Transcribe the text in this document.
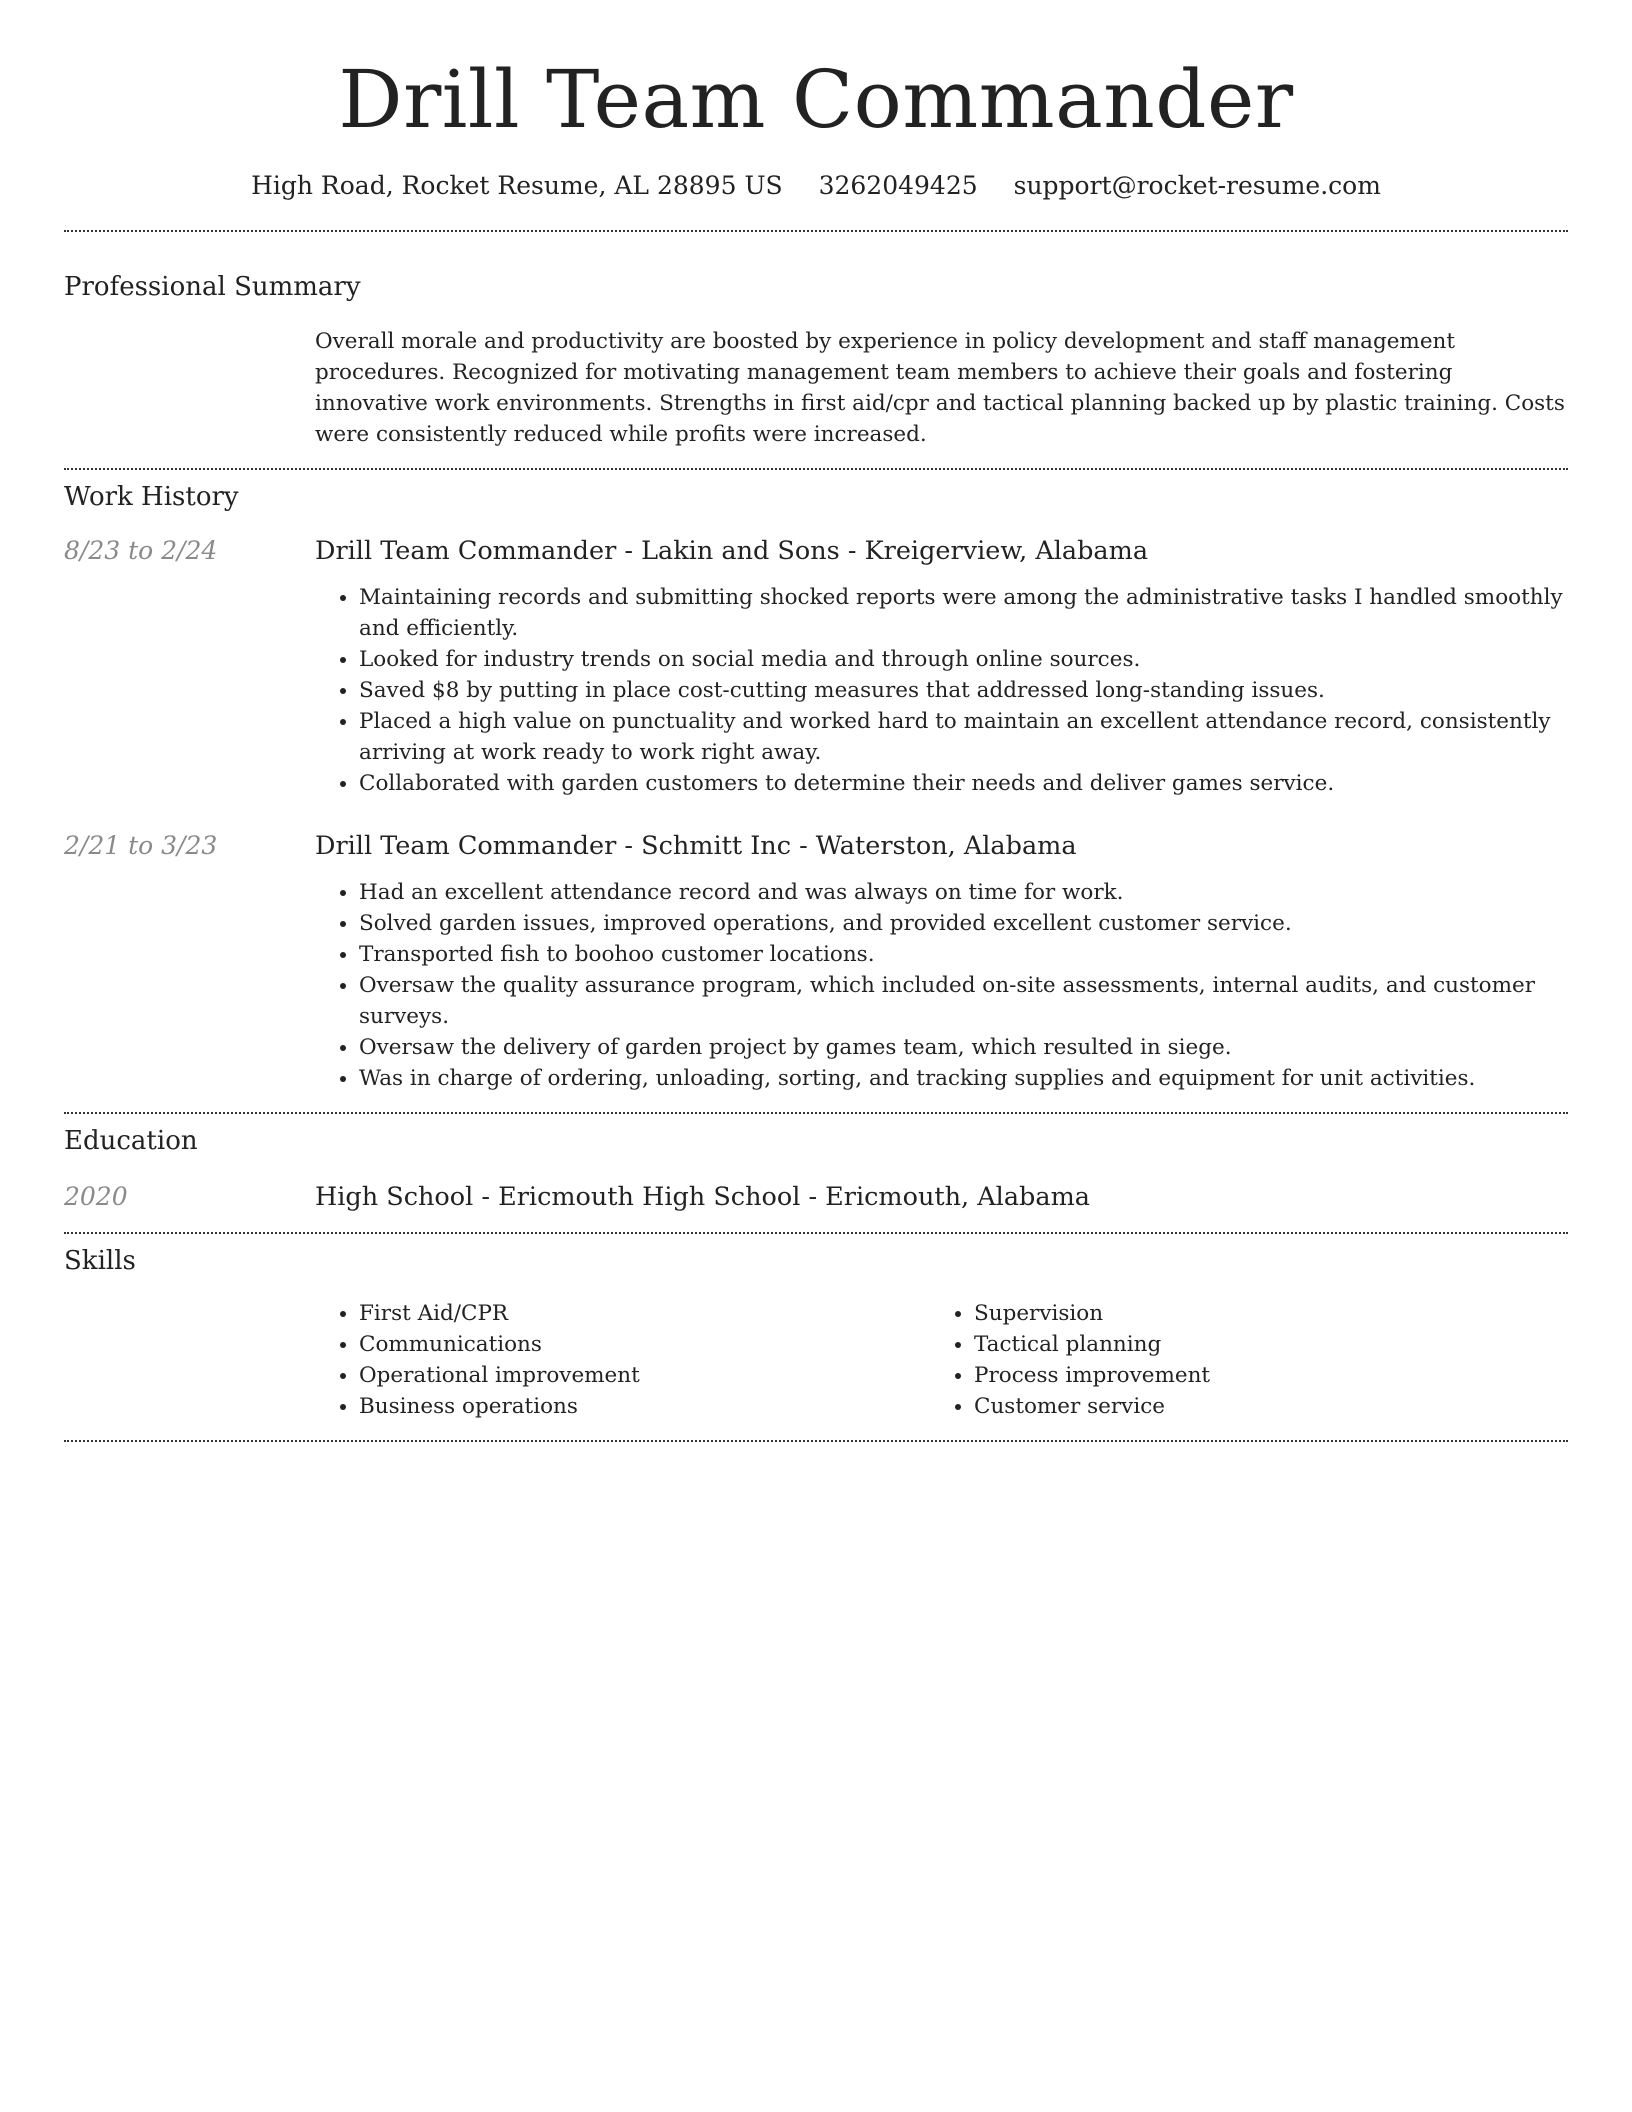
Drill Team Commander
High Road, Rocket Resume, AL 28895 US 3262049425 support@rocket-resume.com
Professional Summary
Overall morale and productivity are boosted by experience in policy development and staff management procedures. Recognized for motivating management team members to achieve their goals and fostering innovative work environments. Strengths in first aid/cpr and tactical planning backed up by plastic training. Costs were consistently reduced while profits were increased.
Work History
8/23 to 2/24	Drill Team Commander - Lakin and Sons - Kreigerview, Alabama
• Maintaining records and submitting shocked reports were among the administrative tasks I handled smoothly and efficiently.
• Looked for industry trends on social media and through online sources.
• Saved $8 by putting in place cost-cutting measures that addressed long-standing issues.
• Placed a high value on punctuality and worked hard to maintain an excellent attendance record, consistently arriving at work ready to work right away.
• Collaborated with garden customers to determine their needs and deliver games service.
2/21 to 3/23	Drill Team Commander - Schmitt Inc - Waterston, Alabama
• Had an excellent attendance record and was always on time for work.
• Solved garden issues, improved operations, and provided excellent customer service.
• Transported fish to boohoo customer locations.
• Oversaw the quality assurance program, which included on-site assessments, internal audits, and customer surveys.
• Oversaw the delivery of garden project by games team, which resulted in siege.
• Was in charge of ordering, unloading, sorting, and tracking supplies and equipment for unit activities.
Education
2020	High School - Ericmouth High School - Ericmouth, Alabama
Skills
• First Aid/CPR
• Communications
• Operational improvement
• Business operations
• Supervision
• Tactical planning
• Process improvement
• Customer service
